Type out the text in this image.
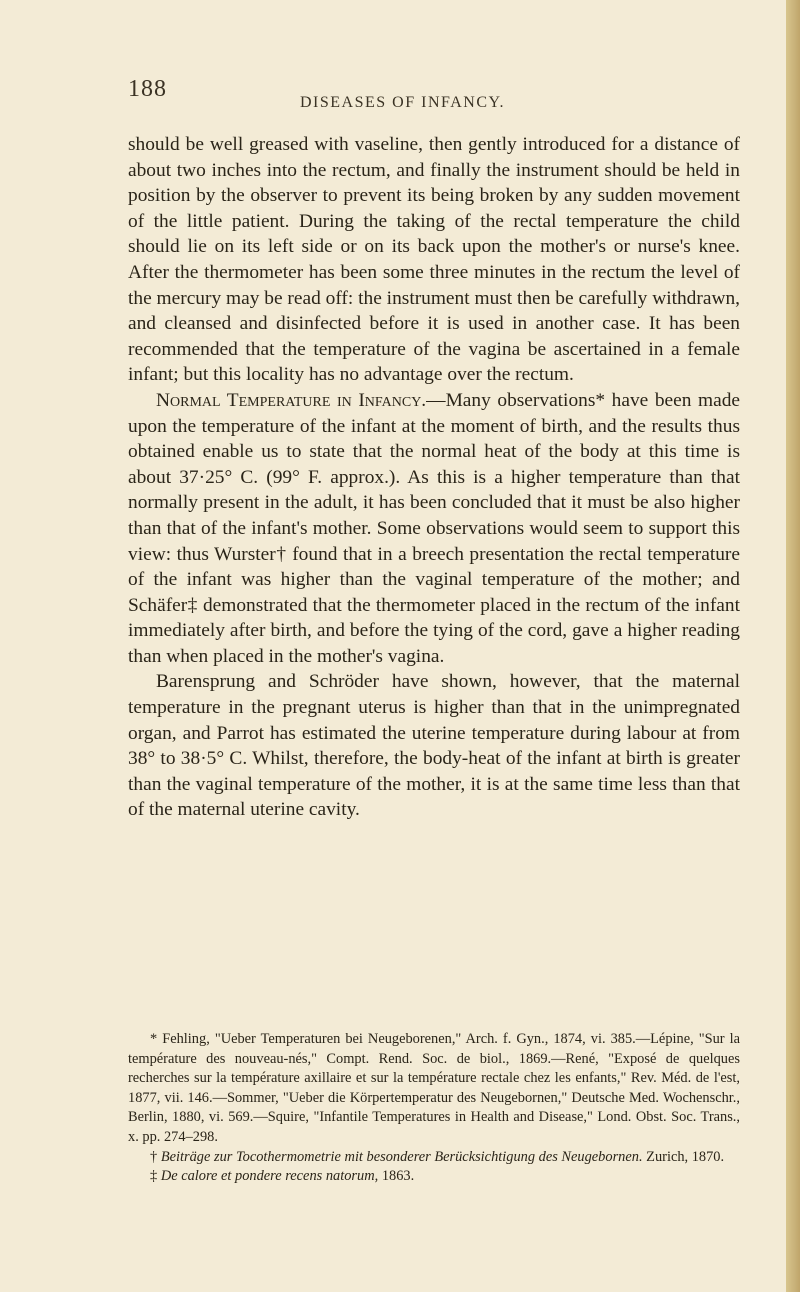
188
DISEASES OF INFANCY.

should be well greased with vaseline, then gently introduced for a distance of about two inches into the rectum, and finally the instrument should be held in position by the observer to prevent its being broken by any sudden movement of the little patient. During the taking of the rectal temperature the child should lie on its left side or on its back upon the mother's or nurse's knee. After the thermometer has been some three minutes in the rectum the level of the mercury may be read off: the instrument must then be carefully withdrawn, and cleansed and disinfected before it is used in another case. It has been recommended that the temperature of the vagina be ascertained in a female infant; but this locality has no advantage over the rectum.

Normal Temperature in Infancy.—Many observations* have been made upon the temperature of the infant at the moment of birth, and the results thus obtained enable us to state that the normal heat of the body at this time is about 37·25° C. (99° F. approx.). As this is a higher temperature than that normally present in the adult, it has been concluded that it must be also higher than that of the infant's mother. Some observations would seem to support this view: thus Wurster† found that in a breech presentation the rectal temperature of the infant was higher than the vaginal temperature of the mother; and Schäfer‡ demonstrated that the thermometer placed in the rectum of the infant immediately after birth, and before the tying of the cord, gave a higher reading than when placed in the mother's vagina.

Barensprung and Schröder have shown, however, that the maternal temperature in the pregnant uterus is higher than that in the unimpregnated organ, and Parrot has estimated the uterine temperature during labour at from 38° to 38·5° C. Whilst, therefore, the body-heat of the infant at birth is greater than the vaginal temperature of the mother, it is at the same time less than that of the maternal uterine cavity.

* Fehling, "Ueber Temperaturen bei Neugeborenen," Arch. f. Gyn., 1874, vi. 385.—Lépine, "Sur la température des nouveau-nés," Compt. Rend. Soc. de biol., 1869.—René, "Exposé de quelques recherches sur la température axillaire et sur la température rectale chez les enfants," Rev. Méd. de l'est, 1877, vii. 146.—Sommer, "Ueber die Körpertemperatur des Neugebornen," Deutsche Med. Wochenschr., Berlin, 1880, vi. 569.—Squire, "Infantile Temperatures in Health and Disease," Lond. Obst. Soc. Trans., x. pp. 274–298.

† Beiträge zur Tocothermometrie mit besonderer Berücksichtigung des Neugebornen. Zurich, 1870.

‡ De calore et pondere recens natorum, 1863.
